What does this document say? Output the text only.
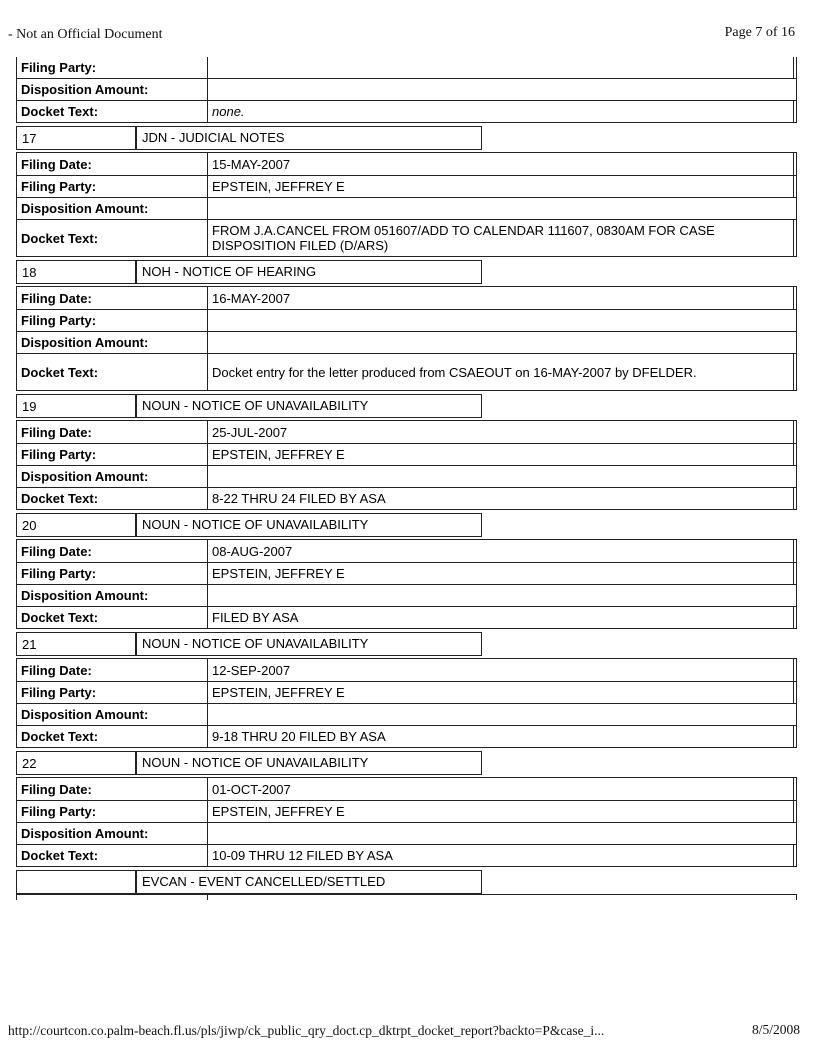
- Not an Official Document	Page 7 of 16
Filing Party:
Disposition Amount:
Docket Text:	none.
17	JDN - JUDICIAL NOTES
Filing Date:	15-MAY-2007
Filing Party:	EPSTEIN, JEFFREY E
Disposition Amount:
Docket Text:	FROM J.A.CANCEL FROM 051607/ADD TO CALENDAR 111607, 0830AM FOR CASE DISPOSITION FILED (D/ARS)
18	NOH - NOTICE OF HEARING
Filing Date:	16-MAY-2007
Filing Party:
Disposition Amount:
Docket Text:	Docket entry for the letter produced from CSAEOUT on 16-MAY-2007 by DFELDER.
19	NOUN - NOTICE OF UNAVAILABILITY
Filing Date:	25-JUL-2007
Filing Party:	EPSTEIN, JEFFREY E
Disposition Amount:
Docket Text:	8-22 THRU 24 FILED BY ASA
20	NOUN - NOTICE OF UNAVAILABILITY
Filing Date:	08-AUG-2007
Filing Party:	EPSTEIN, JEFFREY E
Disposition Amount:
Docket Text:	FILED BY ASA
21	NOUN - NOTICE OF UNAVAILABILITY
Filing Date:	12-SEP-2007
Filing Party:	EPSTEIN, JEFFREY E
Disposition Amount:
Docket Text:	9-18 THRU 20 FILED BY ASA
22	NOUN - NOTICE OF UNAVAILABILITY
Filing Date:	01-OCT-2007
Filing Party:	EPSTEIN, JEFFREY E
Disposition Amount:
Docket Text:	10-09 THRU 12 FILED BY ASA
EVCAN - EVENT CANCELLED/SETTLED
http://courtcon.co.palm-beach.fl.us/pls/jiwp/ck_public_qry_doct.cp_dktrpt_docket_report?backto=P&case_i...	8/5/2008
